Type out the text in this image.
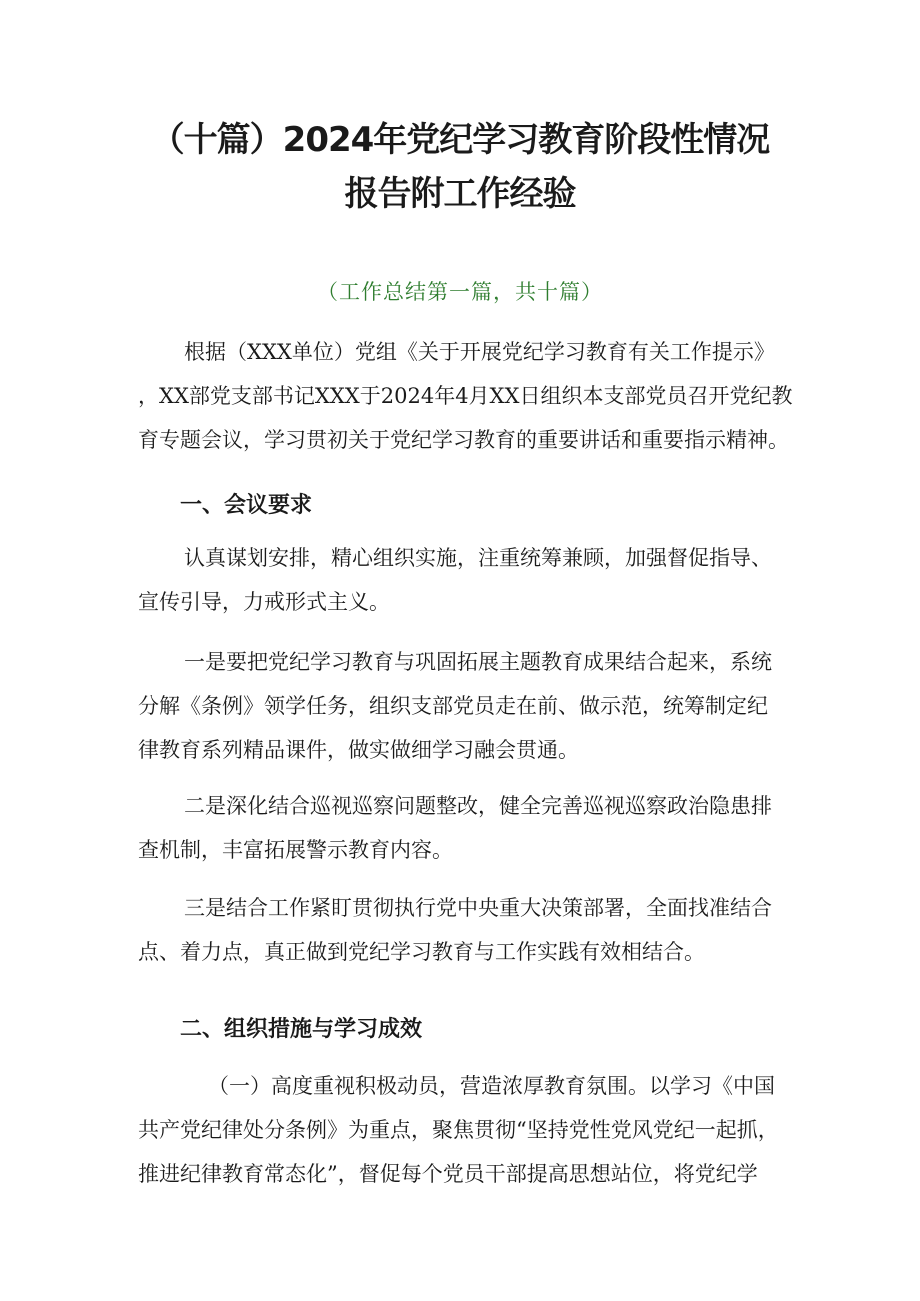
（十篇）2024年党纪学习教育阶段性情况
报告附工作经验
（工作总结第一篇，共十篇）
根据（XXX单位）党组《关于开展党纪学习教育有关工作提示》
，XX部党支部书记XXX于2024年4月XX日组织本支部党员召开党纪教
育专题会议，学习贯初关于党纪学习教育的重要讲话和重要指示精神。
一、会议要求
认真谋划安排，精心组织实施，注重统筹兼顾，加强督促指导、
宣传引导，力戒形式主义。
一是要把党纪学习教育与巩固拓展主题教育成果结合起来，系统
分解《条例》领学任务，组织支部党员走在前、做示范，统筹制定纪
律教育系列精品课件，做实做细学习融会贯通。
二是深化结合巡视巡察问题整改，健全完善巡视巡察政治隐患排
查机制，丰富拓展警示教育内容。
三是结合工作紧盯贯彻执行党中央重大决策部署，全面找准结合
点、着力点，真正做到党纪学习教育与工作实践有效相结合。
二、组织措施与学习成效
（一）高度重视积极动员，营造浓厚教育氛围。以学习《中国
共产党纪律处分条例》为重点，聚焦贯彻“坚持党性党风党纪一起抓，
推进纪律教育常态化”，督促每个党员干部提高思想站位，将党纪学
